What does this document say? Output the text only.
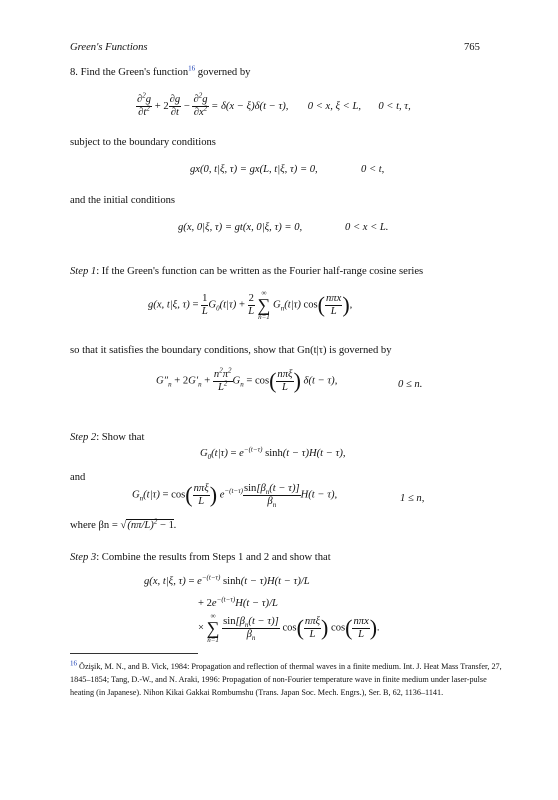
Green's Functions	765
8. Find the Green's function$^{16}$ governed by
$\frac{\partial^2g}{\partial t^2} + 2 \frac{\partial g}{\partial t} - \frac{\partial^2g}{\partial x^2} = \delta(x - \xi)\delta(t - \tau)$, 0 < x, ξ < L, 0 < t, τ,
subject to the boundary conditions
gx(0, t|ξ, τ) = gx(L, t|ξ, τ) = 0,	0 < t,
and the initial conditions
g(x, 0|ξ, τ) = gt(x, 0|ξ, τ) = 0,	0 < x < L.
Step 1: If the Green's function can be written as the Fourier half-range cosine series
g(x, t|ξ, $\tau) = \frac{1}{L} G_0(t|\tau) + \frac{2}{L}$
∞
∑
n=1
$G_n(t|\tau)$ $\cos( \frac{\text{nπx}}{L}$ ),
so that it satisfies the boundary conditions, show that Gn(t|τ) is governed by
$G''_n + 2G'_n + \frac{n^2\pi^2}{L^2} G_n = \cos( \frac{\text{nπξ}}{L}$ ) δ(t − τ),	0 ≤ n.
Step 2: Show that
$G_0(t|\tau) = e^{-(t-\tau)}$ sinh(t − τ)H(t − τ),
and
$G_n(t|\tau) = \cos( \frac{\text{nπξ}}{L}$ ) $e^{-(t-\tau)} \frac{\sin[\beta_n(t - \tau)]}{\beta_n} H(t - \tau)$,	1 ≤ n,
where $\beta n = √(n\pi/L)^2 - 1$.
Step 3: Combine the results from Steps 1 and 2 and show that
g(x, t|ξ, $\tau) = e^{-(t-\tau)}$ sinh(t − τ)H(t − τ)/L
+ $2e^{-(t-\tau)}H(t - \tau)/L$
×
∞
∑
n=1
$\frac{\sin[\beta_n(t - \tau)]}{\beta_n} \cos( \frac{\text{nπξ}}{L}$ ) $\cos( \frac{\text{nπx}}{L}$ ).
$^{16}$ Özişik, M. N., and B. Vick, 1984: Propagation and reflection of thermal waves in a finite medium. Int. J. Heat Mass Transfer, 27, 1845–1854; Tang, D.-W., and N. Araki, 1996: Propagation of non-Fourier temperature wave in finite medium under laser-pulse heating (in Japanese). Nihon Kikai Gakkai Rombumshu (Trans. Japan Soc. Mech. Engrs.), Ser. B, 62, 1136–1141.
